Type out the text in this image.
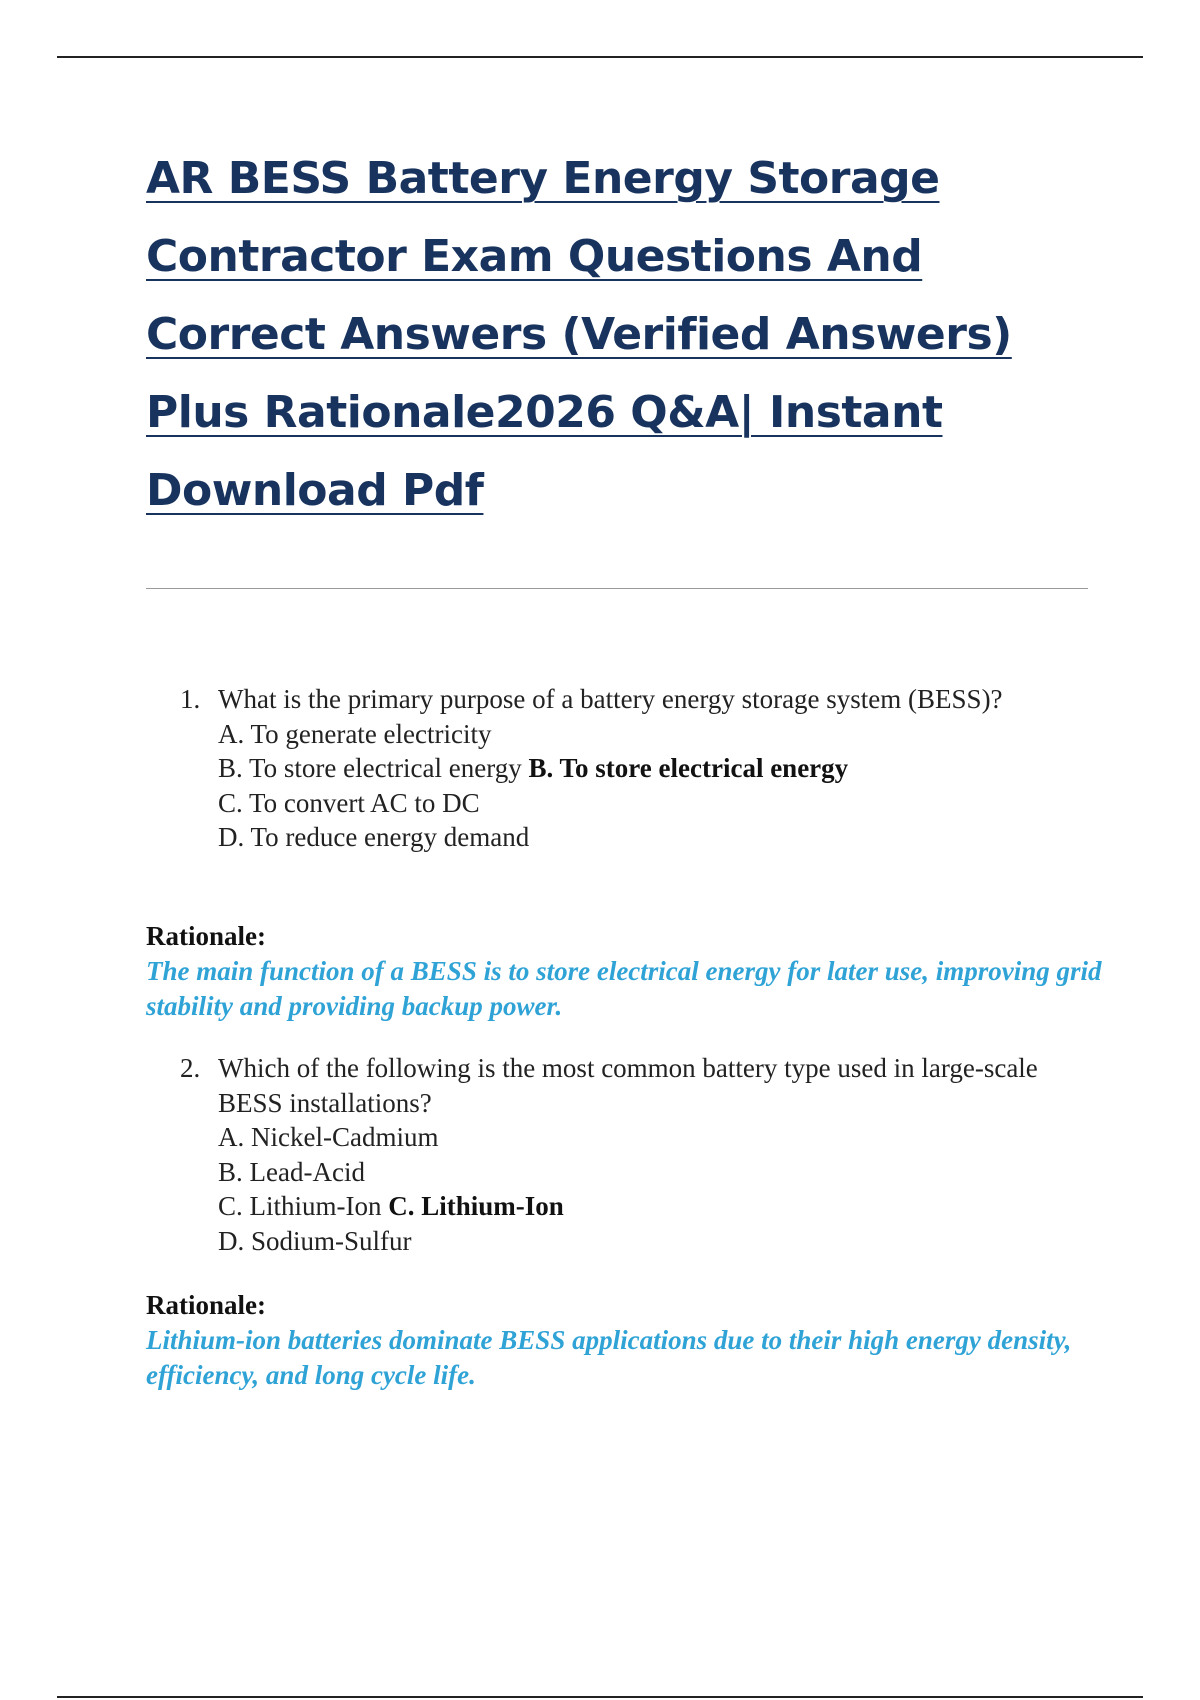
AR BESS Battery Energy Storage Contractor Exam Questions And Correct Answers (Verified Answers) Plus Rationale2026 Q&A| Instant Download Pdf
1. What is the primary purpose of a battery energy storage system (BESS)?
A. To generate electricity
B. To store electrical energy B. To store electrical energy
C. To convert AC to DC
D. To reduce energy demand
Rationale:
The main function of a BESS is to store electrical energy for later use, improving grid stability and providing backup power.
2. Which of the following is the most common battery type used in large-scale BESS installations?
A. Nickel-Cadmium
B. Lead-Acid
C. Lithium-Ion C. Lithium-Ion
D. Sodium-Sulfur
Rationale:
Lithium-ion batteries dominate BESS applications due to their high energy density, efficiency, and long cycle life.
